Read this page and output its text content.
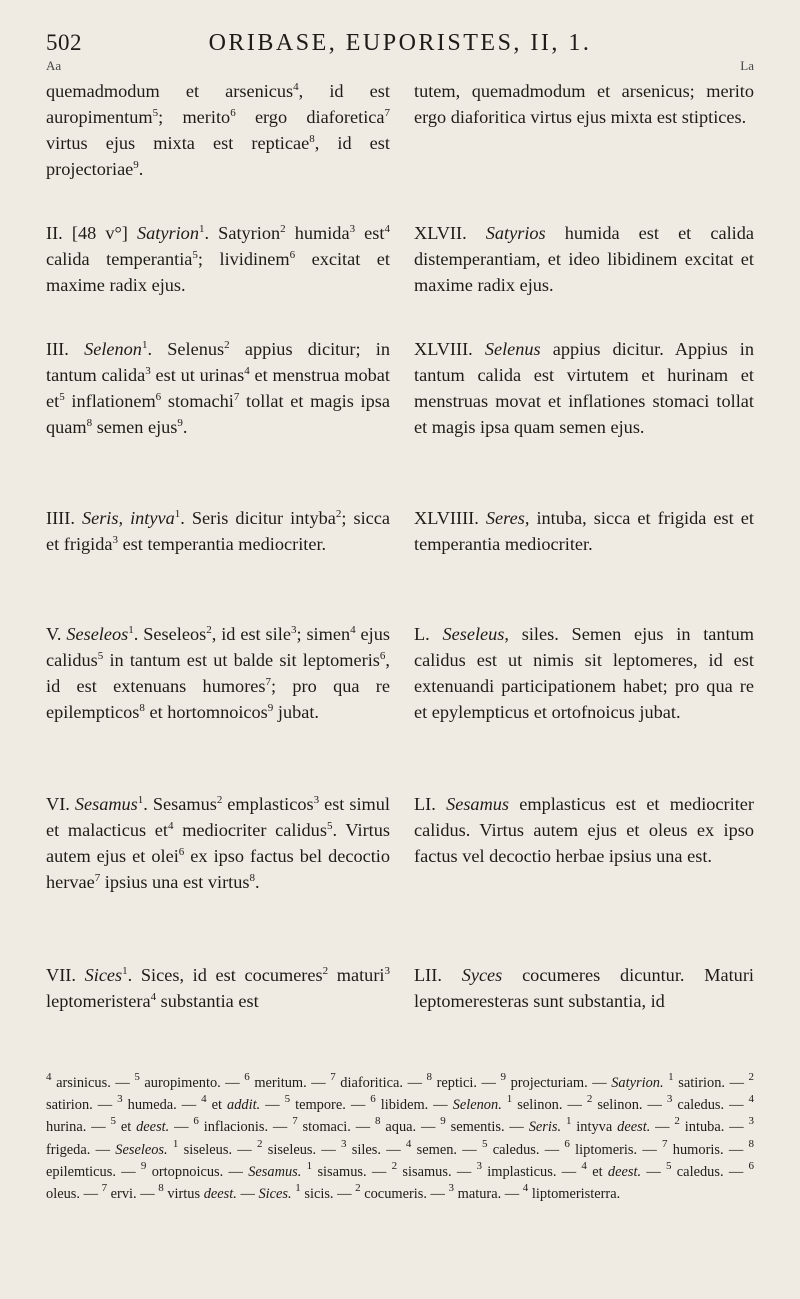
502	ORIBASE, EUPORISTES, II, 1.
Aa	La

quemadmodum et arsenicus$^4$, id est auropimentum$^5$; merito$^6$ ergo diaforetica$^7$ virtus ejus mixta est repticae$^8$, id est projectoriae$^9$.

II. [48 v°] Satyrion$^1$. Satyrion$^2$ humida$^3$ est$^4$ calida temperantia$^5$; lividinem$^6$ excitat et maxime radix ejus.

III. Selenon$^1$. Selenus$^2$ appius dicitur; in tantum calida$^3$ est ut urinas$^4$ et menstrua mobat $et^5$ inflationem$^6$ stomachi$^7$ tollat et magis ipsa quam$^8$ semen ejus$^9$.

IIII. Seris, intyva$^1$. Seris dicitur intyba$^2$; sicca et frigida$^3$ est temperantia mediocriter.

V. Seseleos$^1$. Seseleos$^2$, id est sile$^3$; simen$^4$ ejus calidus$^5$ in tantum est ut balde sit leptomeris$^6$, id est extenuans humores$^7$; pro qua re epilempticos$^8$ et hortomnoicos$^9$ jubat.

VI. Sesamus$^1$. Sesamus$^2$ emplasticos$^3$ est simul et malacticus $et^4$ mediocriter calidus$^5$. Virtus autem ejus et olei$^6$ ex ipso factus bel decoctio hervae$^7$ ipsius una est virtus$^8$.

VII. Sices$^1$. Sices, id est cocumeres$^2$ maturi$^3$ leptomeristera$^4$ substantia est

tutem, quemadmodum et arsenicus; merito ergo diaforitica virtus ejus mixta est stiptices.

XLVII. Satyrios humida est et calida distemperantiam, et ideo libidinem excitat et maxime radix ejus.

XLVIII. Selenus appius dicitur. Appius in tantum calida est virtutem et hurinam et menstruas movat et inflationes stomaci tollat et magis ipsa quam semen ejus.

XLVIIII. Seres, intuba, sicca et frigida est et temperantia mediocriter.

L. Seseleus, siles. Semen ejus in tantum calidus est ut nimis sit leptomeres, id est extenuandi participationem habet; pro qua re et epylempticus et ortofnoicus jubat.

LI. Sesamus emplasticus est et mediocriter calidus. Virtus autem ejus et oleus ex ipso factus vel decoctio herbae ipsius una est.

LII. Syces cocumeres dicuntur. Maturi leptomeresteras sunt substantia, id

$^4$ arsinicus. — $^5$ auropimento. — $^6$ meritum. — $^7$ diaforitica. — $^8$ reptici. — $^9$ projecturiam. — Satyrion. $^1$ satirion. — $^2$ satirion. — $^3$ humeda. — $^4$ et addit. — $^5$ tempore. — $^6$ libidem. — Selenon. $^1$ selinon. — $^2$ selinon. — $^3$ caledus. — $^4$ hurina. — $^5$ et deest. — $^6$ inflacionis. — $^7$ stomaci. — $^8$ aqua. — $^9$ sementis. — Seris. $^1$ intyva deest. — $^2$ intuba. — $^3$ frigeda. — Seseleos. $^1$ siseleus. — $^2$ siseleus. — $^3$ siles. — $^4$ semen. — $^5$ caledus. — $^6$ liptomeris. — $^7$ humoris. — $^8$ epilemticus. — $^9$ ortopnoicus. — Sesamus. $^1$ sisamus. — $^2$ sisamus. — $^3$ implasticus. — $^4$ et deest. — $^5$ caledus. — $^6$ oleus. — $^7$ ervi. — $^8$ virtus deest. — Sices. $^1$ sicis. — $^2$ cocumeris. — $^3$ matura. — $^4$ liptomeristerra.
